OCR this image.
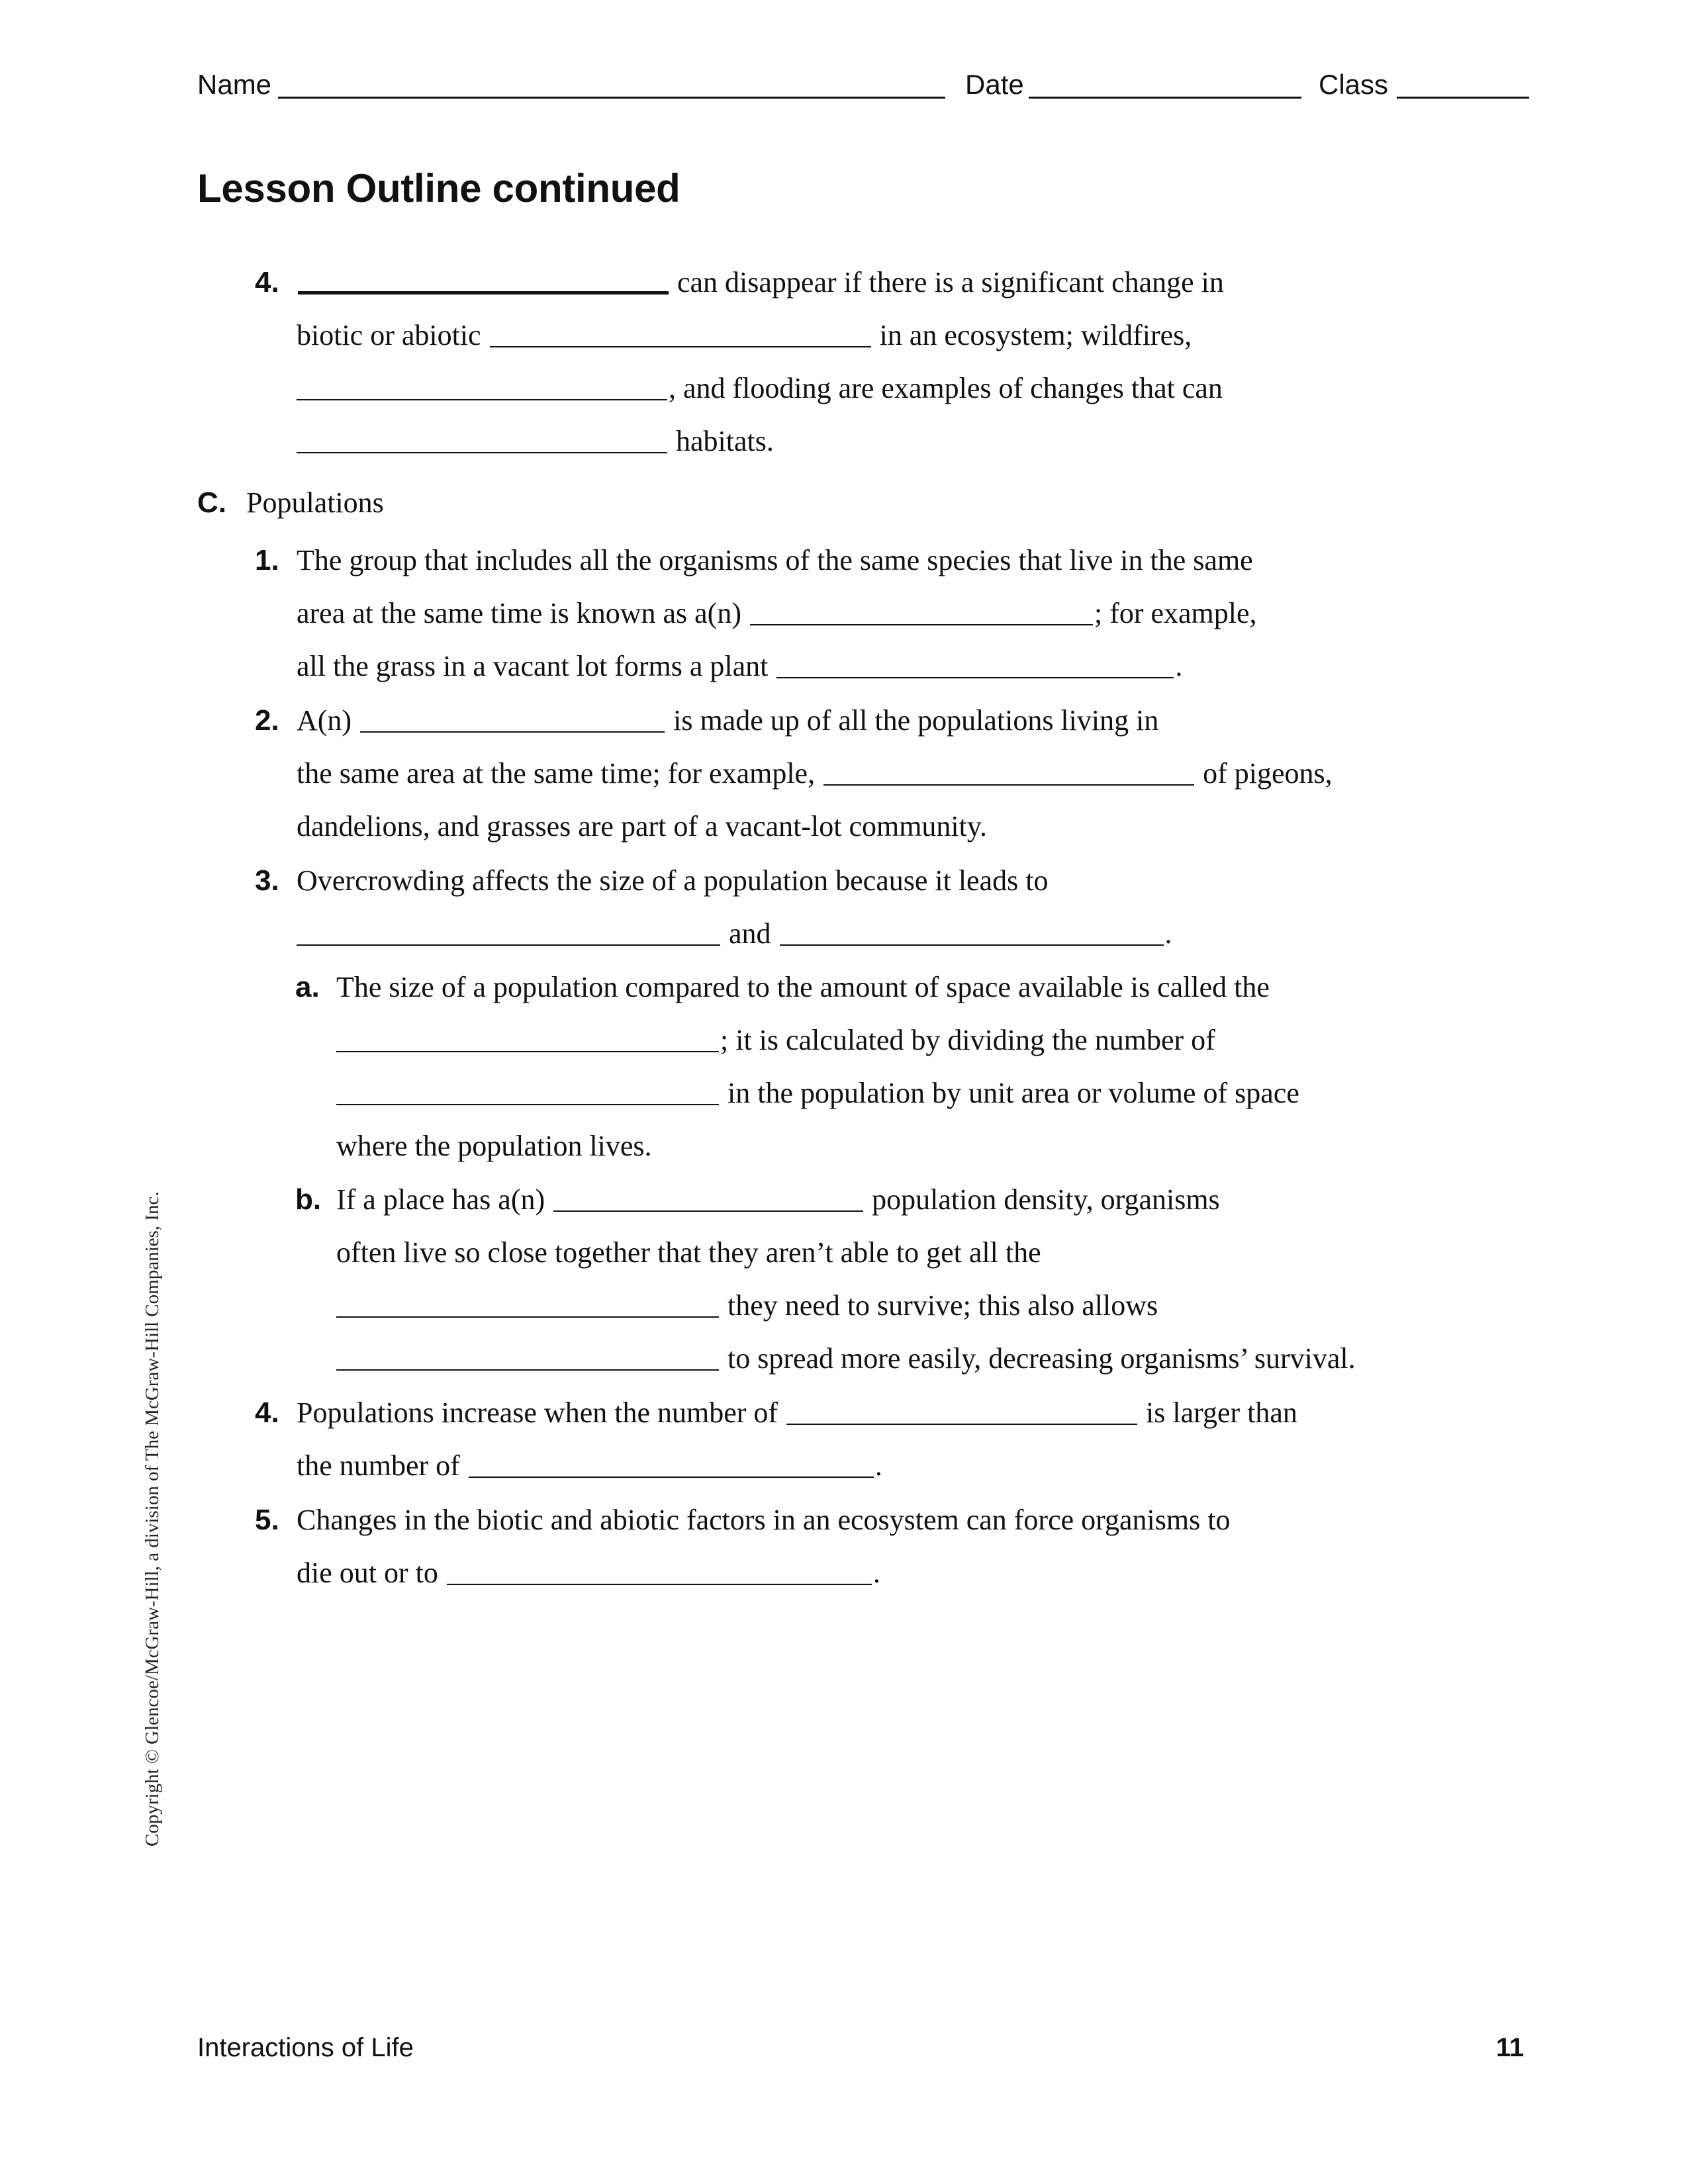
Name	Date	Class
Lesson Outline continued
4.	can disappear if there is a significant change in
biotic or abiotic	in an ecosystem; wildfires,
, and flooding are examples of changes that can
habitats.
C. Populations
1. The group that includes all the organisms of the same species that live in the same
area at the same time is known as a(n)	; for example,
all the grass in a vacant lot forms a plant	.
2. A(n)	is made up of all the populations living in
the same area at the same time; for example,	of pigeons,
dandelions, and grasses are part of a vacant-lot community.
3. Overcrowding affects the size of a population because it leads to
and	.
a. The size of a population compared to the amount of space available is called the
; it is calculated by dividing the number of
in the population by unit area or volume of space
where the population lives.
b. If a place has a(n)	population density, organisms
often live so close together that they aren’t able to get all the
they need to survive; this also allows
to spread more easily, decreasing organisms’ survival.
4. Populations increase when the number of	is larger than
the number of	.
5. Changes in the biotic and abiotic factors in an ecosystem can force organisms to
die out or to	.
Copyright © Glencoe/McGraw-Hill, a division of The McGraw-Hill Companies, Inc.
Interactions of Life	11
